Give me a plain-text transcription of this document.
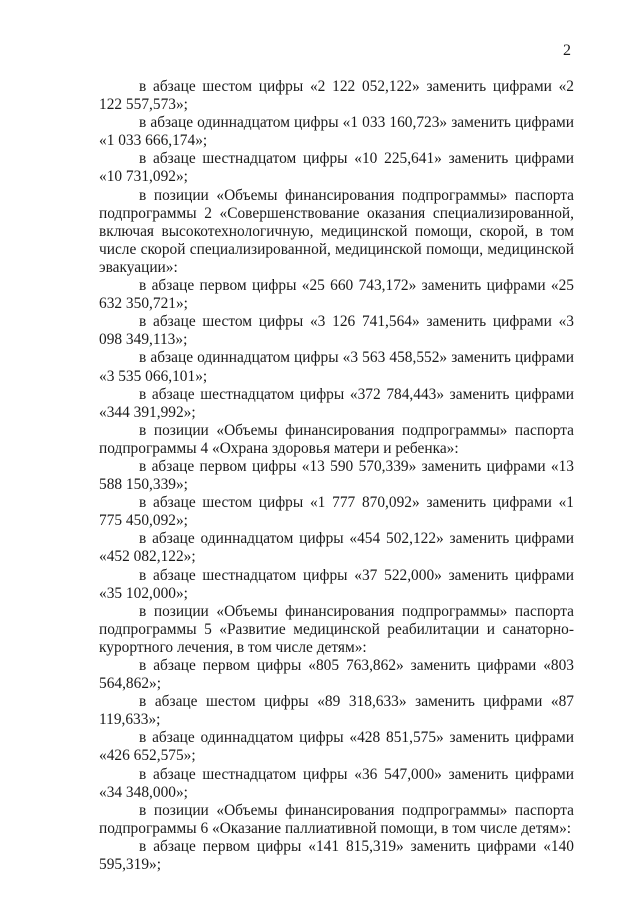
2

в абзаце шестом цифры «2 122 052,122» заменить цифрами «2 122 557,573»;

в абзаце одиннадцатом цифры «1 033 160,723» заменить цифрами «1 033 666,174»;

в абзаце шестнадцатом цифры «10 225,641» заменить цифрами «10 731,092»;

в позиции «Объемы финансирования подпрограммы» паспорта подпрограммы 2 «Совершенствование оказания специализированной, включая высокотехнологичную, медицинской помощи, скорой, в том числе скорой специализированной, медицинской помощи, медицинской эвакуации»:

в абзаце первом цифры «25 660 743,172» заменить цифрами «25 632 350,721»;

в абзаце шестом цифры «3 126 741,564» заменить цифрами «3 098 349,113»;

в абзаце одиннадцатом цифры «3 563 458,552» заменить цифрами «3 535 066,101»;

в абзаце шестнадцатом цифры «372 784,443» заменить цифрами «344 391,992»;

в позиции «Объемы финансирования подпрограммы» паспорта подпрограммы 4 «Охрана здоровья матери и ребенка»:

в абзаце первом цифры «13 590 570,339» заменить цифрами «13 588 150,339»;

в абзаце шестом цифры «1 777 870,092» заменить цифрами «1 775 450,092»;

в абзаце одиннадцатом цифры «454 502,122» заменить цифрами «452 082,122»;

в абзаце шестнадцатом цифры «37 522,000» заменить цифрами «35 102,000»;

в позиции «Объемы финансирования подпрограммы» паспорта подпрограммы 5 «Развитие медицинской реабилитации и санаторно-курортного лечения, в том числе детям»:

в абзаце первом цифры «805 763,862» заменить цифрами «803 564,862»;

в абзаце шестом цифры «89 318,633» заменить цифрами «87 119,633»;

в абзаце одиннадцатом цифры «428 851,575» заменить цифрами «426 652,575»;

в абзаце шестнадцатом цифры «36 547,000» заменить цифрами «34 348,000»;

в позиции «Объемы финансирования подпрограммы» паспорта подпрограммы 6 «Оказание паллиативной помощи, в том числе детям»:

в абзаце первом цифры «141 815,319» заменить цифрами «140 595,319»;
